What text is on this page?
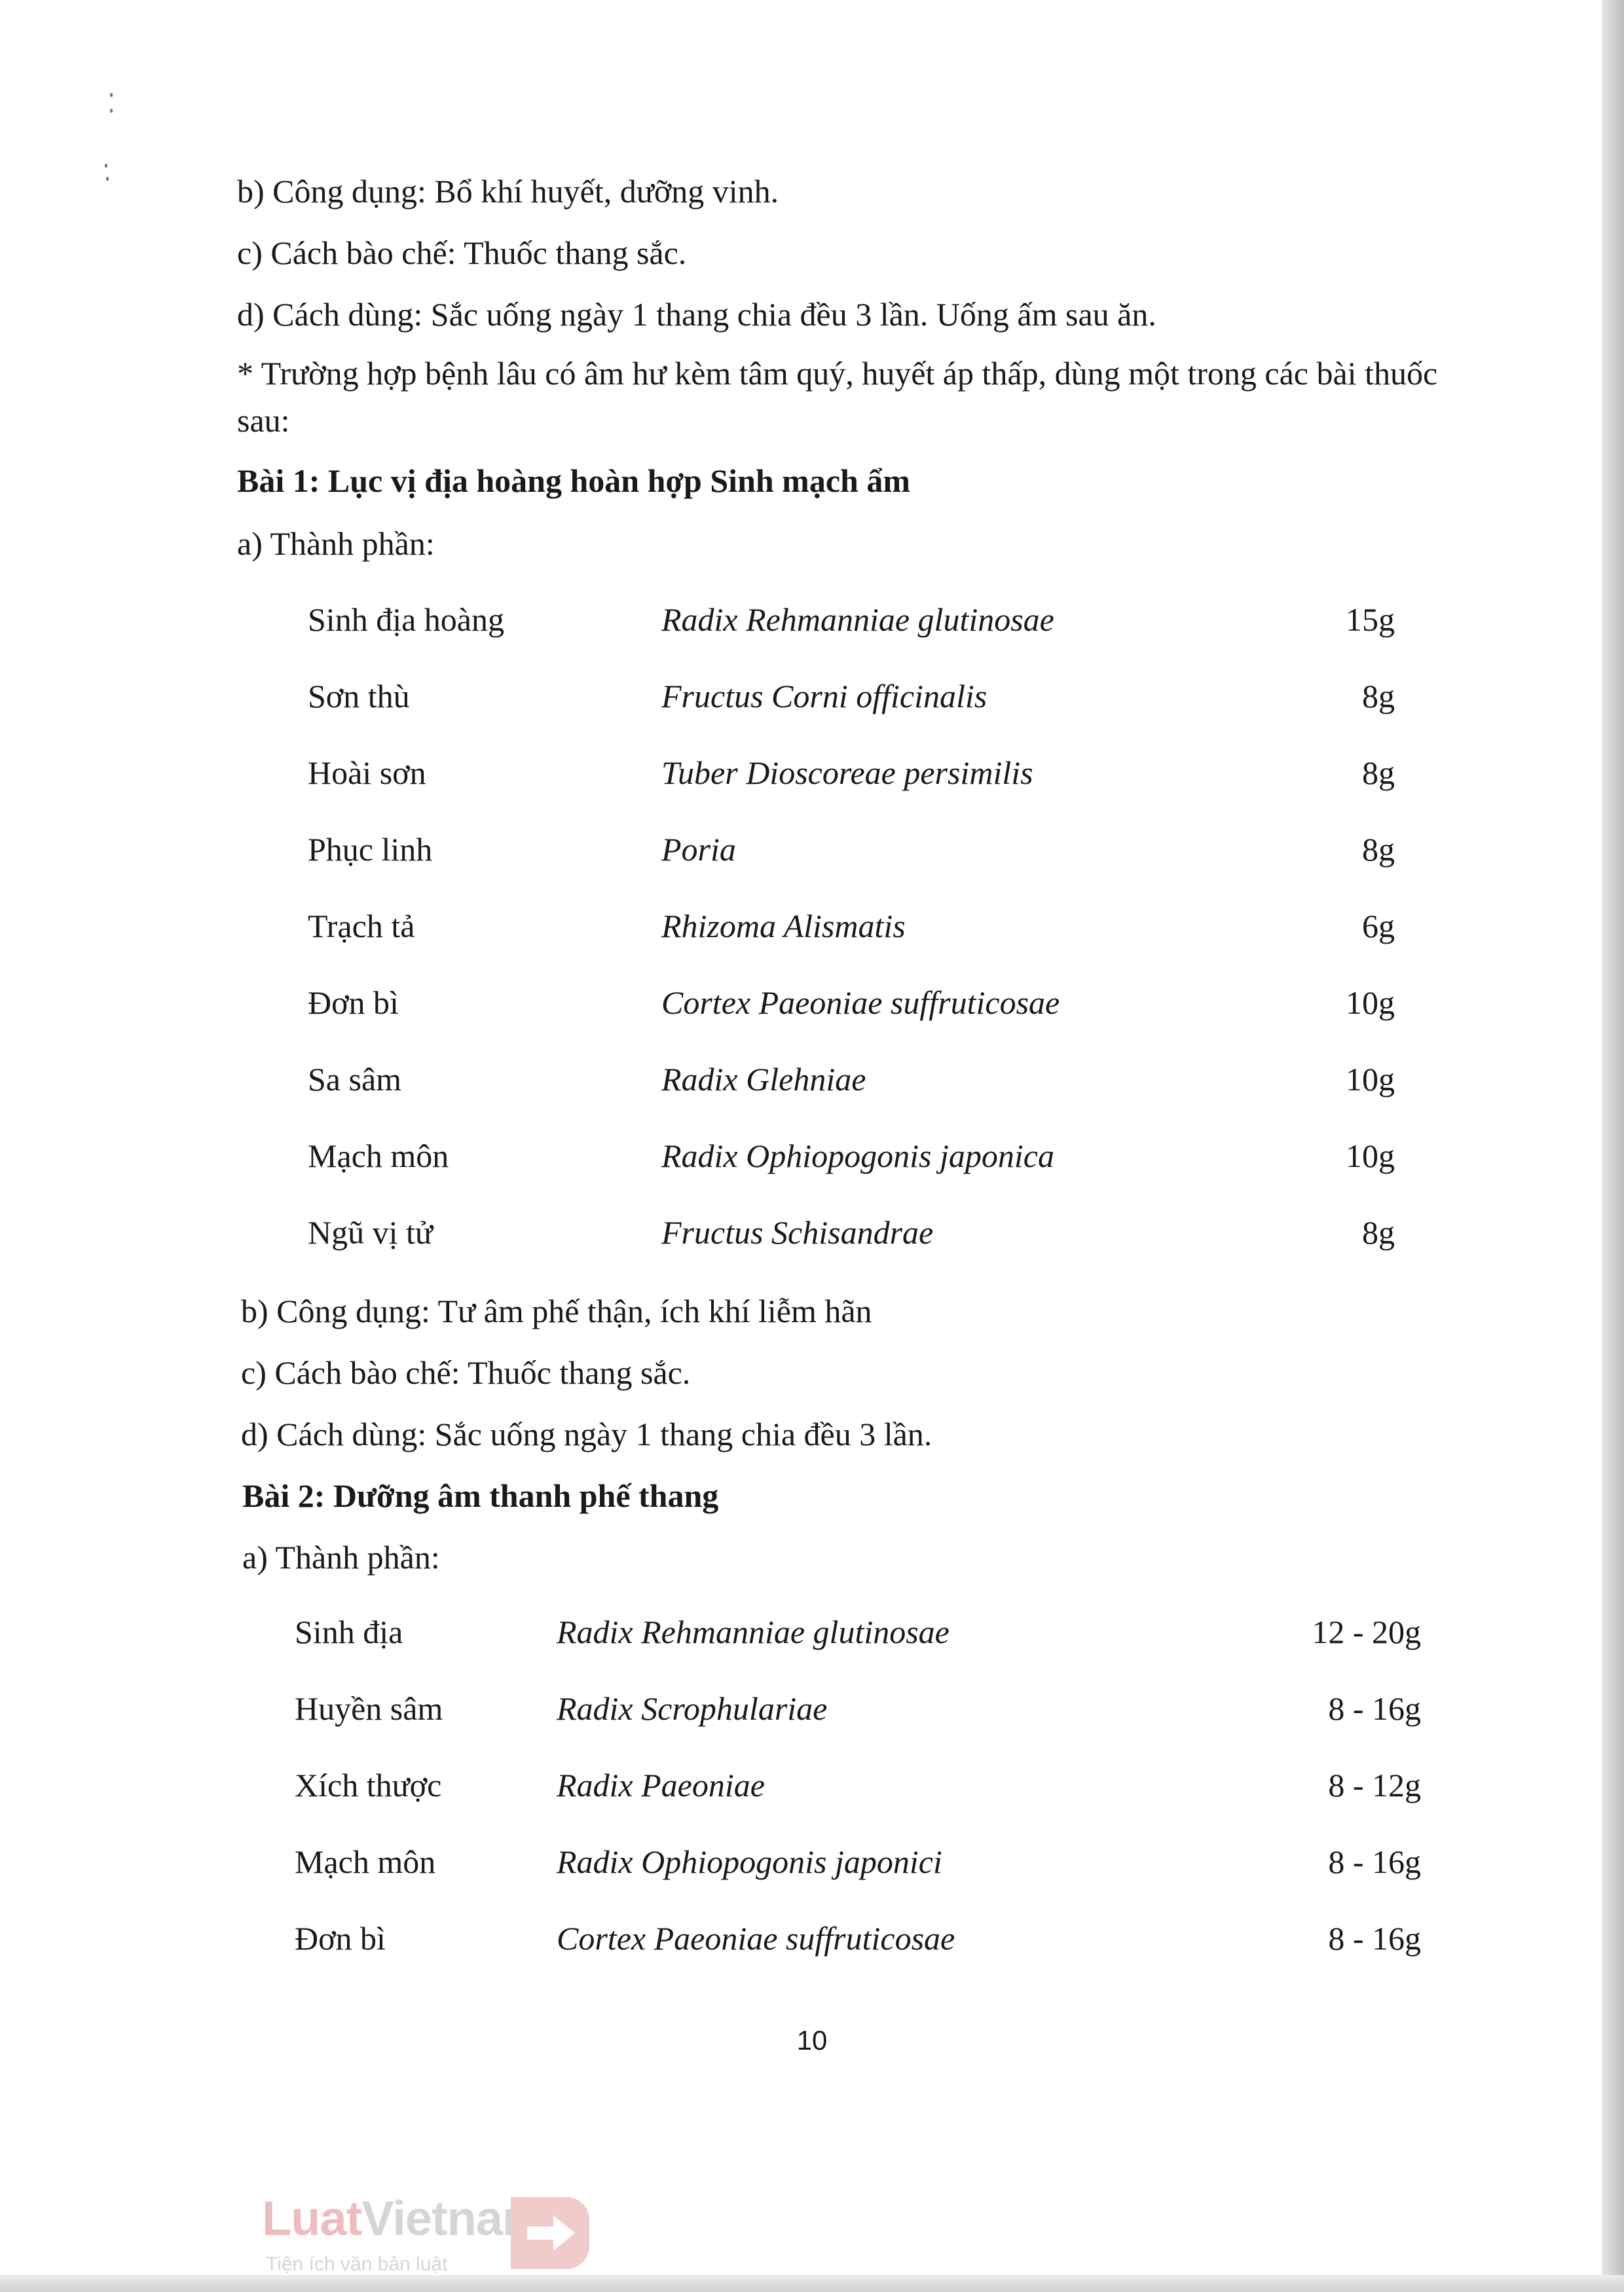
b) Công dụng: Bổ khí huyết, dưỡng vinh.
c) Cách bào chế: Thuốc thang sắc.
d) Cách dùng: Sắc uống ngày 1 thang chia đều 3 lần. Uống ấm sau ăn.
* Trường hợp bệnh lâu có âm hư kèm tâm quý, huyết áp thấp, dùng một trong các bài thuốc sau:
Bài 1: Lục vị địa hoàng hoàn hợp Sinh mạch ẩm
a) Thành phần:
Sinh địa hoàng	Radix Rehmanniae glutinosae	15g
Sơn thù	Fructus Corni officinalis	8g
Hoài sơn	Tuber Dioscoreae persimilis	8g
Phục linh	Poria	8g
Trạch tả	Rhizoma Alismatis	6g
Đơn bì	Cortex Paeoniae suffruticosae	10g
Sa sâm	Radix Glehniae	10g
Mạch môn	Radix Ophiopogonis japonica	10g
Ngũ vị tử	Fructus Schisandrae	8g
b) Công dụng: Tư âm phế thận, ích khí liễm hãn
c) Cách bào chế: Thuốc thang sắc.
d) Cách dùng: Sắc uống ngày 1 thang chia đều 3 lần.
Bài 2: Dưỡng âm thanh phế thang
a) Thành phần:
Sinh địa	Radix Rehmanniae glutinosae	12 - 20g
Huyền sâm	Radix Scrophulariae	8 - 16g
Xích thược	Radix Paeoniae	8 - 12g
Mạch môn	Radix Ophiopogonis japonici	8 - 16g
Đơn bì	Cortex Paeoniae suffruticosae	8 - 16g
10
LuatVietnam
Tiện ích văn bản luật
